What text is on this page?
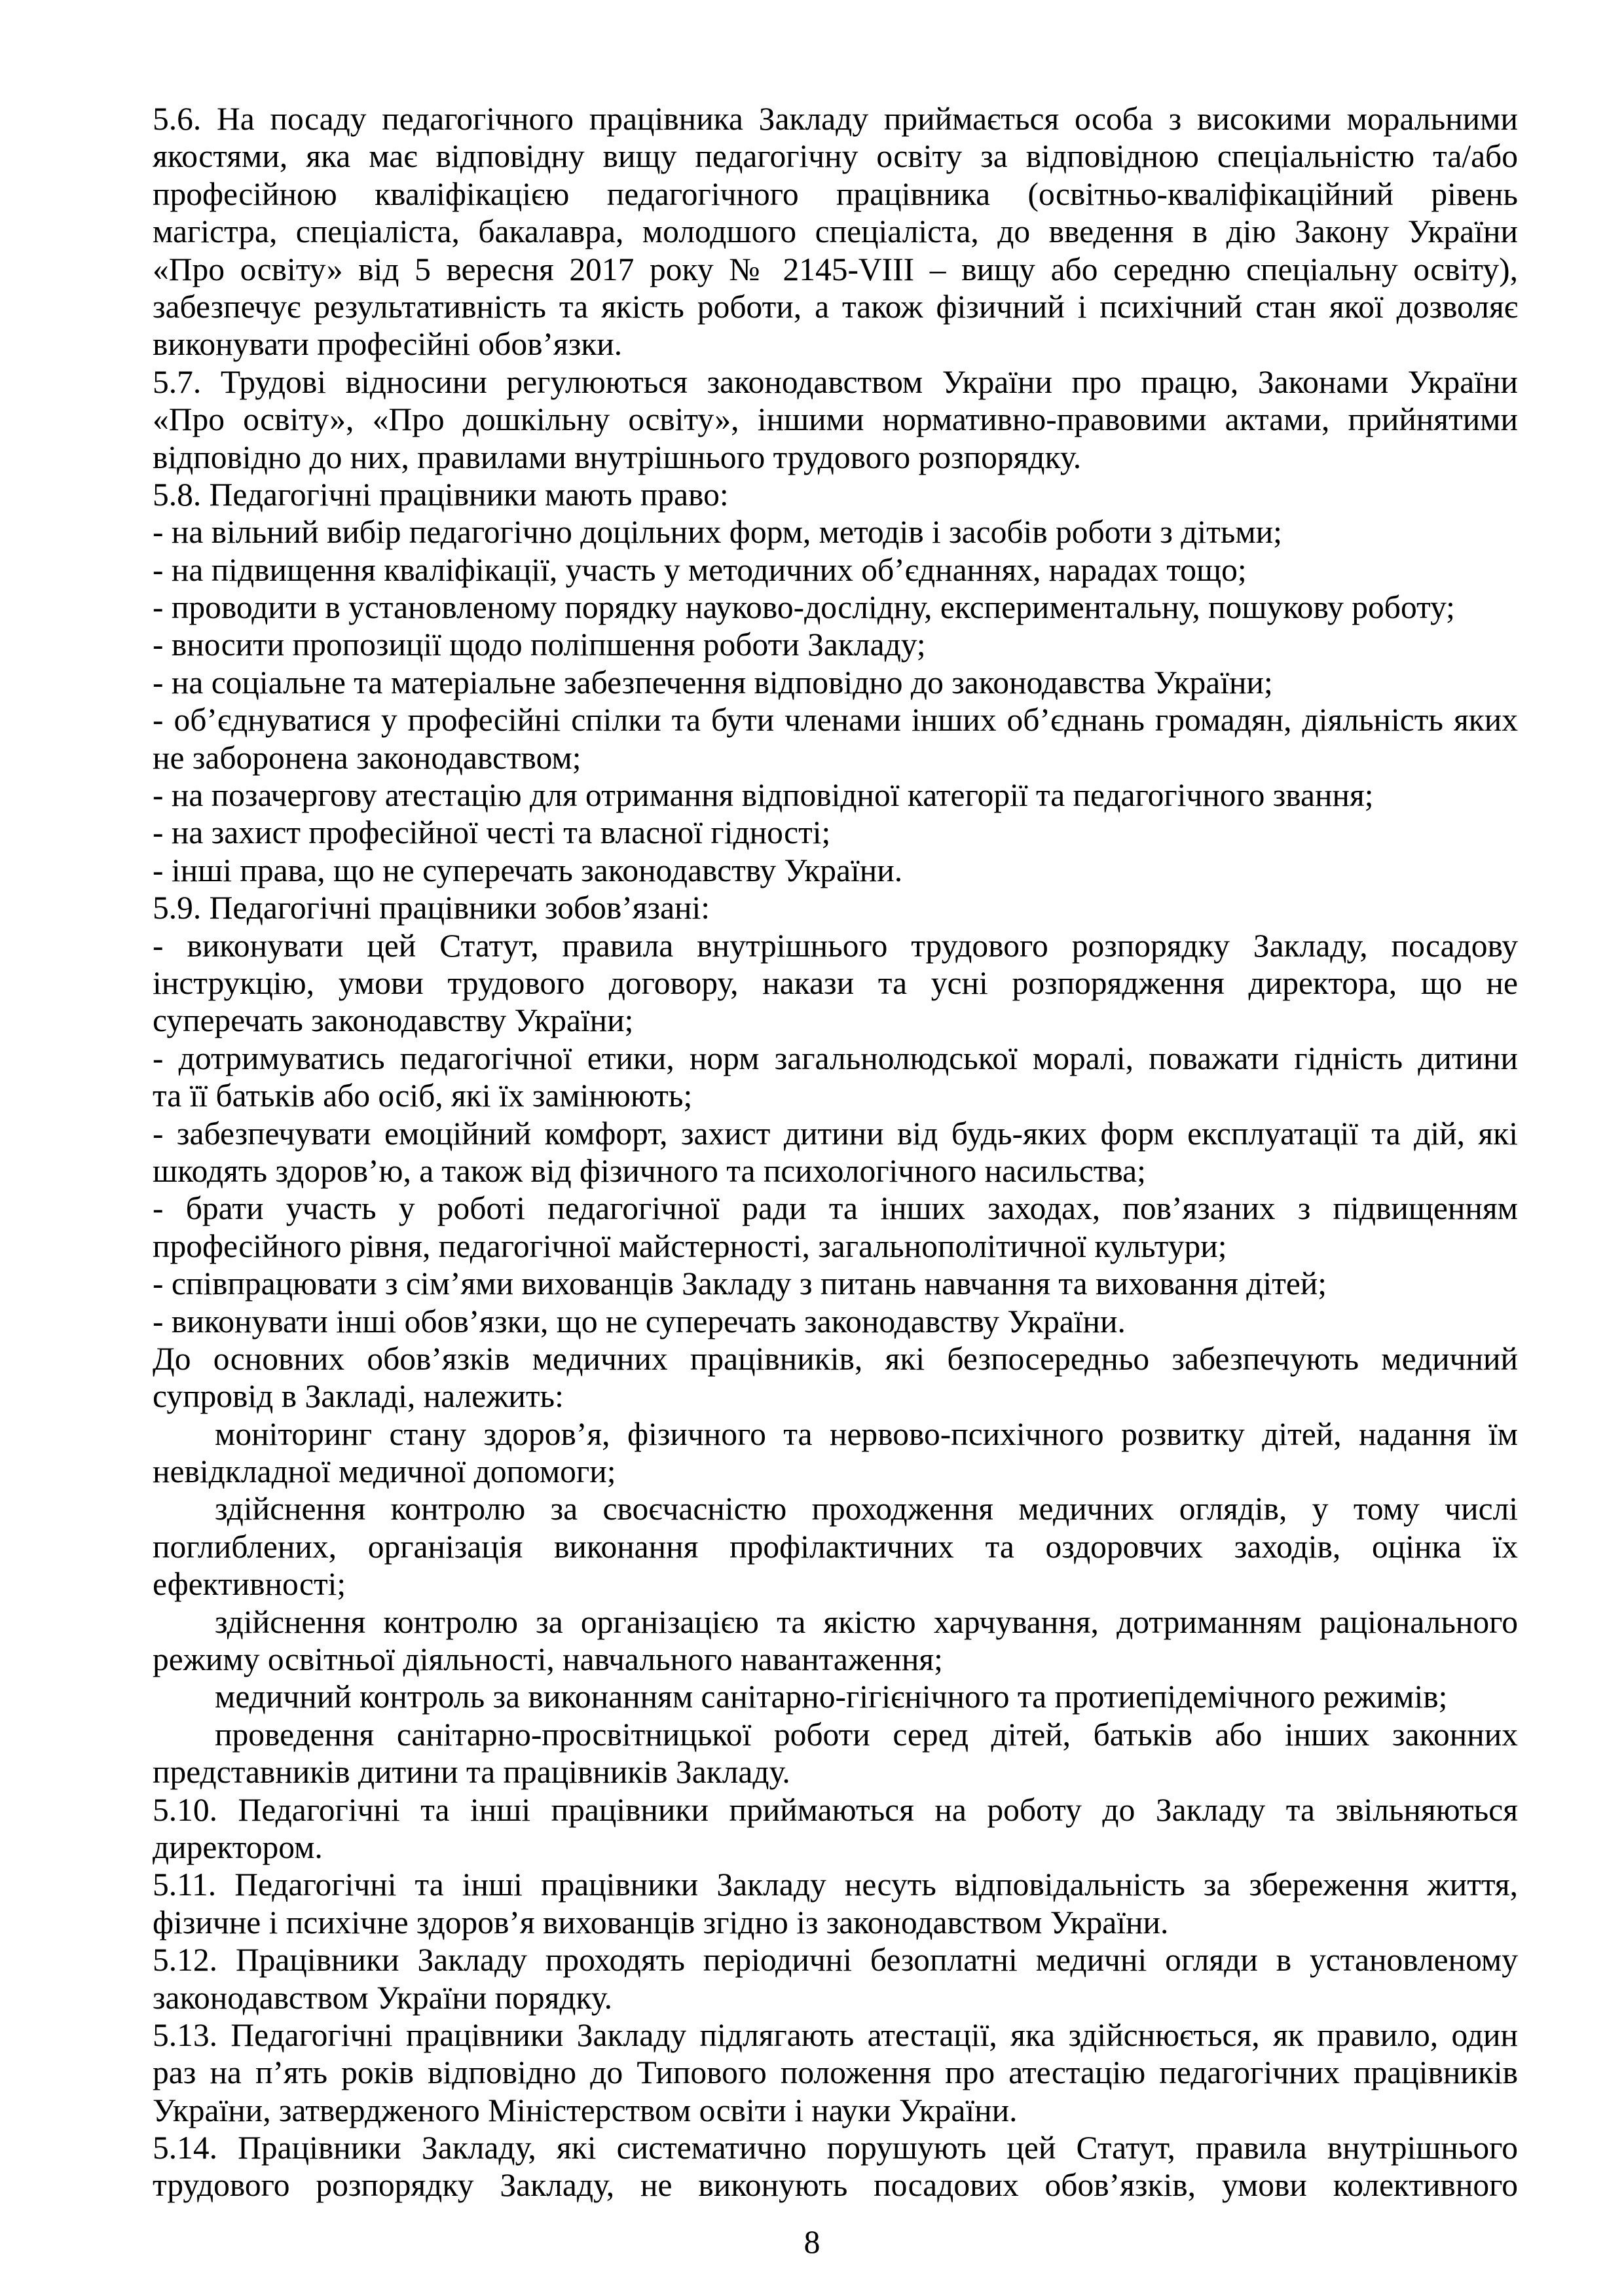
5.6. На посаду педагогічного працівника Закладу приймається особа з високими моральними
якостями, яка має відповідну вищу педагогічну освіту за відповідною спеціальністю та/або
професійною кваліфікацією педагогічного працівника (освітньо-кваліфікаційний рівень
магістра, спеціаліста, бакалавра, молодшого спеціаліста, до введення в дію Закону України
«Про освіту» від 5 вересня 2017 року № 2145-VIII – вищу або середню спеціальну освіту),
забезпечує результативність та якість роботи, а також фізичний і психічний стан якої дозволяє
виконувати професійні обов’язки.
5.7. Трудові відносини регулюються законодавством України про працю, Законами України
«Про освіту», «Про дошкільну освіту», іншими нормативно-правовими актами, прийнятими
відповідно до них, правилами внутрішнього трудового розпорядку.
5.8. Педагогічні працівники мають право:
- на вільний вибір педагогічно доцільних форм, методів і засобів роботи з дітьми;
- на підвищення кваліфікації, участь у методичних об’єднаннях, нарадах тощо;
- проводити в установленому порядку науково-дослідну, експериментальну, пошукову роботу;
- вносити пропозиції щодо поліпшення роботи Закладу;
- на соціальне та матеріальне забезпечення відповідно до законодавства України;
- об’єднуватися у професійні спілки та бути членами інших об’єднань громадян, діяльність яких
не заборонена законодавством;
- на позачергову атестацію для отримання відповідної категорії та педагогічного звання;
- на захист професійної честі та власної гідності;
- інші права, що не суперечать законодавству України.
5.9. Педагогічні працівники зобов’язані:
- виконувати цей Статут, правила внутрішнього трудового розпорядку Закладу, посадову
інструкцію, умови трудового договору, накази та усні розпорядження директора, що не
суперечать законодавству України;
- дотримуватись педагогічної етики, норм загальнолюдської моралі, поважати гідність дитини
та її батьків або осіб, які їх замінюють;
- забезпечувати емоційний комфорт, захист дитини від будь-яких форм експлуатації та дій, які
шкодять здоров’ю, а також від фізичного та психологічного насильства;
- брати участь у роботі педагогічної ради та інших заходах, пов’язаних з підвищенням
професійного рівня, педагогічної майстерності, загальнополітичної культури;
- співпрацювати з сім’ями вихованців Закладу з питань навчання та виховання дітей;
- виконувати інші обов’язки, що не суперечать законодавству України.
До основних обов’язків медичних працівників, які безпосередньо забезпечують медичний
супровід в Закладі, належить:
моніторинг стану здоров’я, фізичного та нервово-психічного розвитку дітей, надання їм
невідкладної медичної допомоги;
здійснення контролю за своєчасністю проходження медичних оглядів, у тому числі
поглиблених, організація виконання профілактичних та оздоровчих заходів, оцінка їх
ефективності;
здійснення контролю за організацією та якістю харчування, дотриманням раціонального
режиму освітньої діяльності, навчального навантаження;
медичний контроль за виконанням санітарно-гігієнічного та протиепідемічного режимів;
проведення санітарно-просвітницької роботи серед дітей, батьків або інших законних
представників дитини та працівників Закладу.
5.10. Педагогічні та інші працівники приймаються на роботу до Закладу та звільняються
директором.
5.11. Педагогічні та інші працівники Закладу несуть відповідальність за збереження життя,
фізичне і психічне здоров’я вихованців згідно із законодавством України.
5.12. Працівники Закладу проходять періодичні безоплатні медичні огляди в установленому
законодавством України порядку.
5.13. Педагогічні працівники Закладу підлягають атестації, яка здійснюється, як правило, один
раз на п’ять років відповідно до Типового положення про атестацію педагогічних працівників
України, затвердженого Міністерством освіти і науки України.
5.14. Працівники Закладу, які систематично порушують цей Статут, правила внутрішнього
трудового розпорядку Закладу, не виконують посадових обов’язків, умови колективного
8
